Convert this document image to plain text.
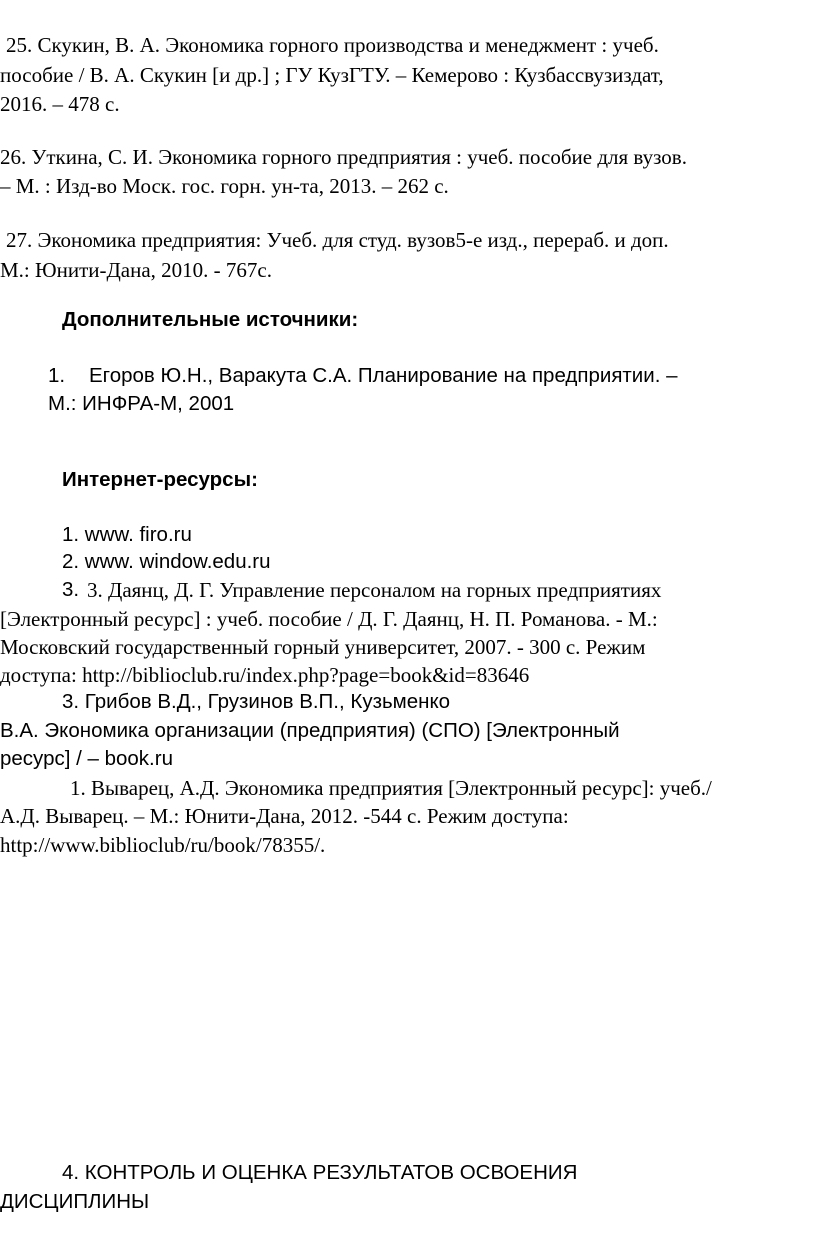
25. Скукин, В. А. Экономика горного производства и менеджмент : учеб.
пособие / В. А. Скукин [и др.] ; ГУ КузГТУ. – Кемерово : Кузбассвузиздат,
2016. – 478 с.
26. Уткина, С. И. Экономика горного предприятия : учеб. пособие для вузов.
– М. : Изд-во Моск. гос. горн. ун-та, 2013. – 262 с.
27. Экономика предприятия: Учеб. для студ. вузов5-е изд., перераб. и доп.
М.: Юнити-Дана, 2010. - 767с.
Дополнительные источники:
1. Егоров Ю.Н., Варакута С.А. Планирование на предприятии. –
М.: ИНФРА-М, 2001
Интернет-ресурсы:
1. www. firo.ru
2. www. window.edu.ru
3. 3. Даянц, Д. Г. Управление персоналом на горных предприятиях
[Электронный ресурс] : учеб. пособие / Д. Г. Даянц, Н. П. Романова. - М.:
Московский государственный горный университет, 2007. - 300 с. Режим
доступа: http://biblioclub.ru/index.php?page=book&id=83646
3. Грибов В.Д., Грузинов В.П., Кузьменко
В.А. Экономика организации (предприятия) (СПО) [Электронный
ресурс] / – book.ru
1. Выварец, А.Д. Экономика предприятия [Электронный ресурс]: учеб./
А.Д. Выварец. – М.: Юнити-Дана, 2012. -544 с. Режим доступа:
http://www.biblioclub/ru/book/78355/.
4. КОНТРОЛЬ И ОЦЕНКА РЕЗУЛЬТАТОВ ОСВОЕНИЯ
ДИСЦИПЛИНЫ
